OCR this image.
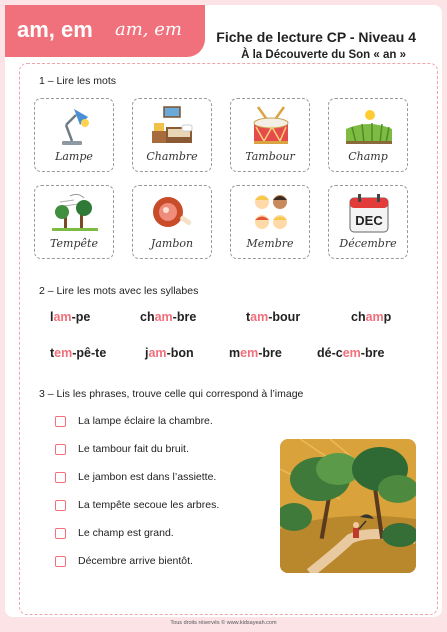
am, em am, em Fiche de lecture CP - Niveau 4
À la Découverte du Son « an »
1 – Lire les mots
Lampe	Chambre	Tambour	Champ
Tempête	Jambon	Membre
DEC
Décembre
2 – Lire les mots avec les syllabes
lam-pe	cham-bre	tam-bour	champ
tem-pê-te	jam-bon	mem-bre	dé-cem-bre
3 – Lis les phrases, trouve celle qui correspond à l’image
La lampe éclaire la chambre.
Le tambour fait du bruit.
Le jambon est dans l’assiette.
La tempête secoue les arbres.
Le champ est grand.
Décembre arrive bientôt.
Tous droits réservés © www.kidsayeah.com
